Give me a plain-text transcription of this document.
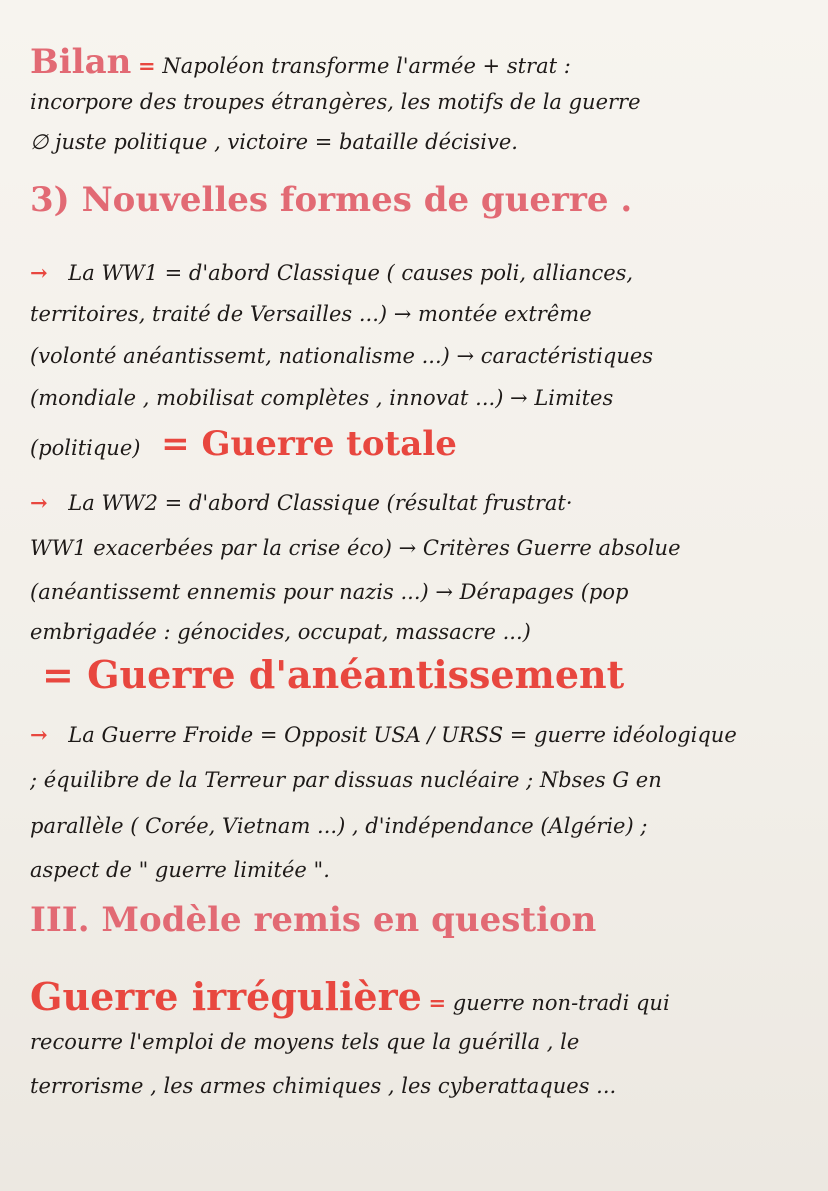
Bilan = Napoléon transforme l'armée + strat :
incorpore des troupes étrangères, les motifs de la guerre
∅ juste politique , victoire = bataille décisive.
3) Nouvelles formes de guerre .
→ La WW1 = d'abord Classique ( causes poli, alliances,
territoires, traité de Versailles ...) → montée extrême
(volonté anéantissemt, nationalisme ...) → caractéristiques
(mondiale , mobilisat complètes , innovat ...) → Limites
(politique) = Guerre totale
→ La WW2 = d'abord Classique (résultat frustrat·
WW1 exacerbées par la crise éco) → Critères Guerre absolue
(anéantissemt ennemis pour nazis ...) → Dérapages (pop
embrigadée : génocides, occupat, massacre ...)
= Guerre d'anéantissement
→ La Guerre Froide = Opposit USA / URSS = guerre idéologique
; équilibre de la Terreur par dissuas nucléaire ; Nbses G en
parallèle ( Corée, Vietnam ...) , d'indépendance (Algérie) ;
aspect de " guerre limitée ".
III. Modèle remis en question
Guerre irrégulière = guerre non-tradi qui
recourre l'emploi de moyens tels que la guérilla , le
terrorisme , les armes chimiques , les cyberattaques ...
